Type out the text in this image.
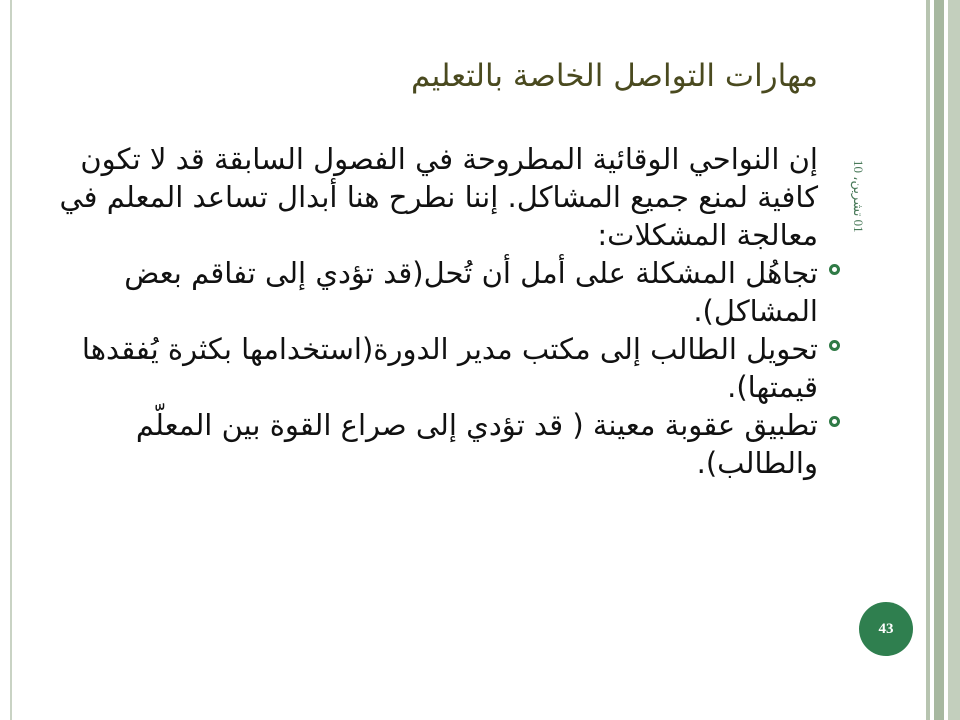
مهارات التواصل الخاصة بالتعليم
01 تشرين، 10
إن النواحي الوقائية المطروحة في الفصول السابقة قد لا تكون كافية لمنع جميع المشاكل. إننا نطرح هنا أبدال تساعد المعلم في معالجة المشكلات:
تجاهُل المشكلة على أمل أن تُحل(قد تؤدي إلى تفاقم بعض المشاكل).
تحويل الطالب إلى مكتب مدير الدورة(استخدامها بكثرة يُفقدها قيمتها).
تطبيق عقوبة معينة ( قد تؤدي إلى صراع القوة بين المعلّم والطالب).
43
